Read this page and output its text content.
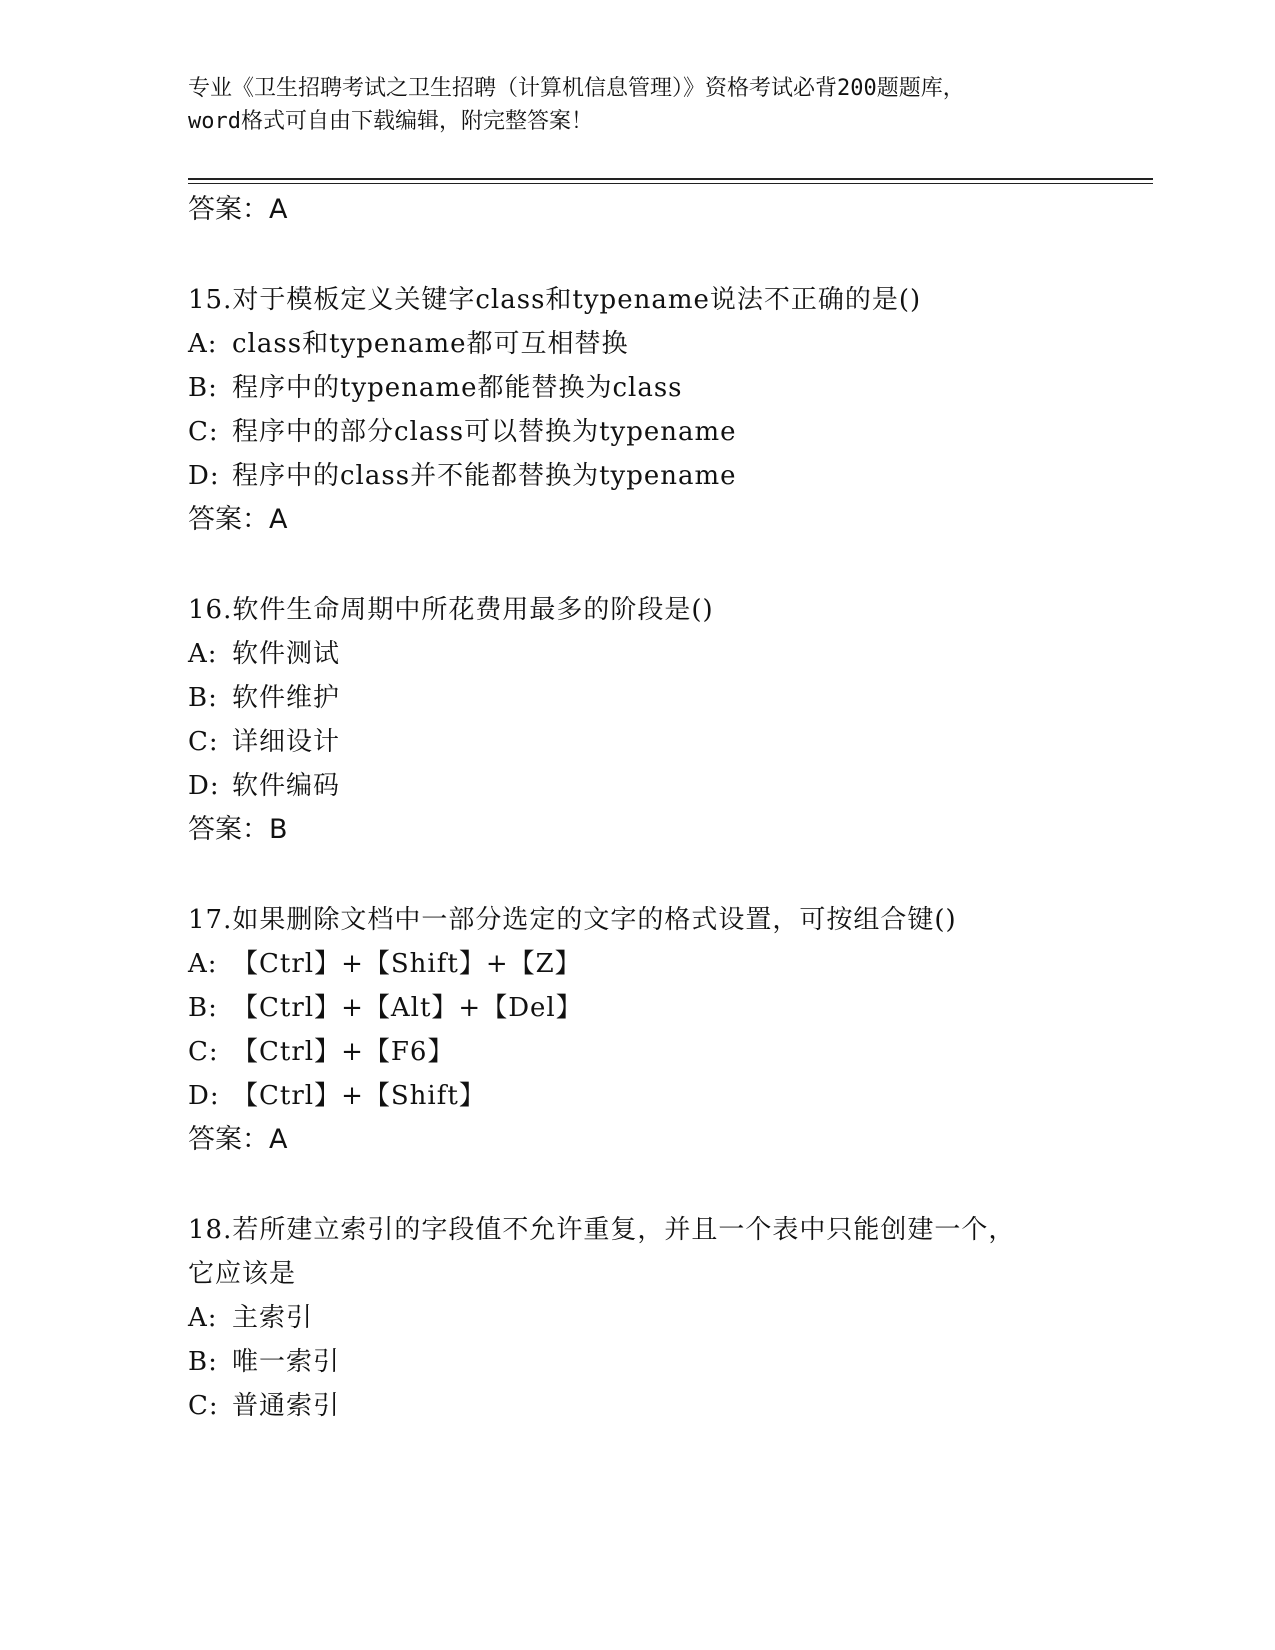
专业《卫生招聘考试之卫生招聘（计算机信息管理）》资格考试必背200题题库，
word格式可自由下载编辑，附完整答案！
答案：A
15.对于模板定义关键字class和typename说法不正确的是()
A: class和typename都可互相替换
B: 程序中的typename都能替换为class
C: 程序中的部分class可以替换为typename
D: 程序中的class并不能都替换为typename
答案：A
16.软件生命周期中所花费用最多的阶段是()
A: 软件测试
B: 软件维护
C: 详细设计
D: 软件编码
答案：B
17.如果删除文档中一部分选定的文字的格式设置，可按组合键()
A: 【Ctrl】+【Shift】+【Z】
B: 【Ctrl】+【Alt】+【Del】
C: 【Ctrl】+【F6】
D: 【Ctrl】+【Shift】
答案：A
18.若所建立索引的字段值不允许重复，并且一个表中只能创建一个，
它应该是
A: 主索引
B: 唯一索引
C: 普通索引
